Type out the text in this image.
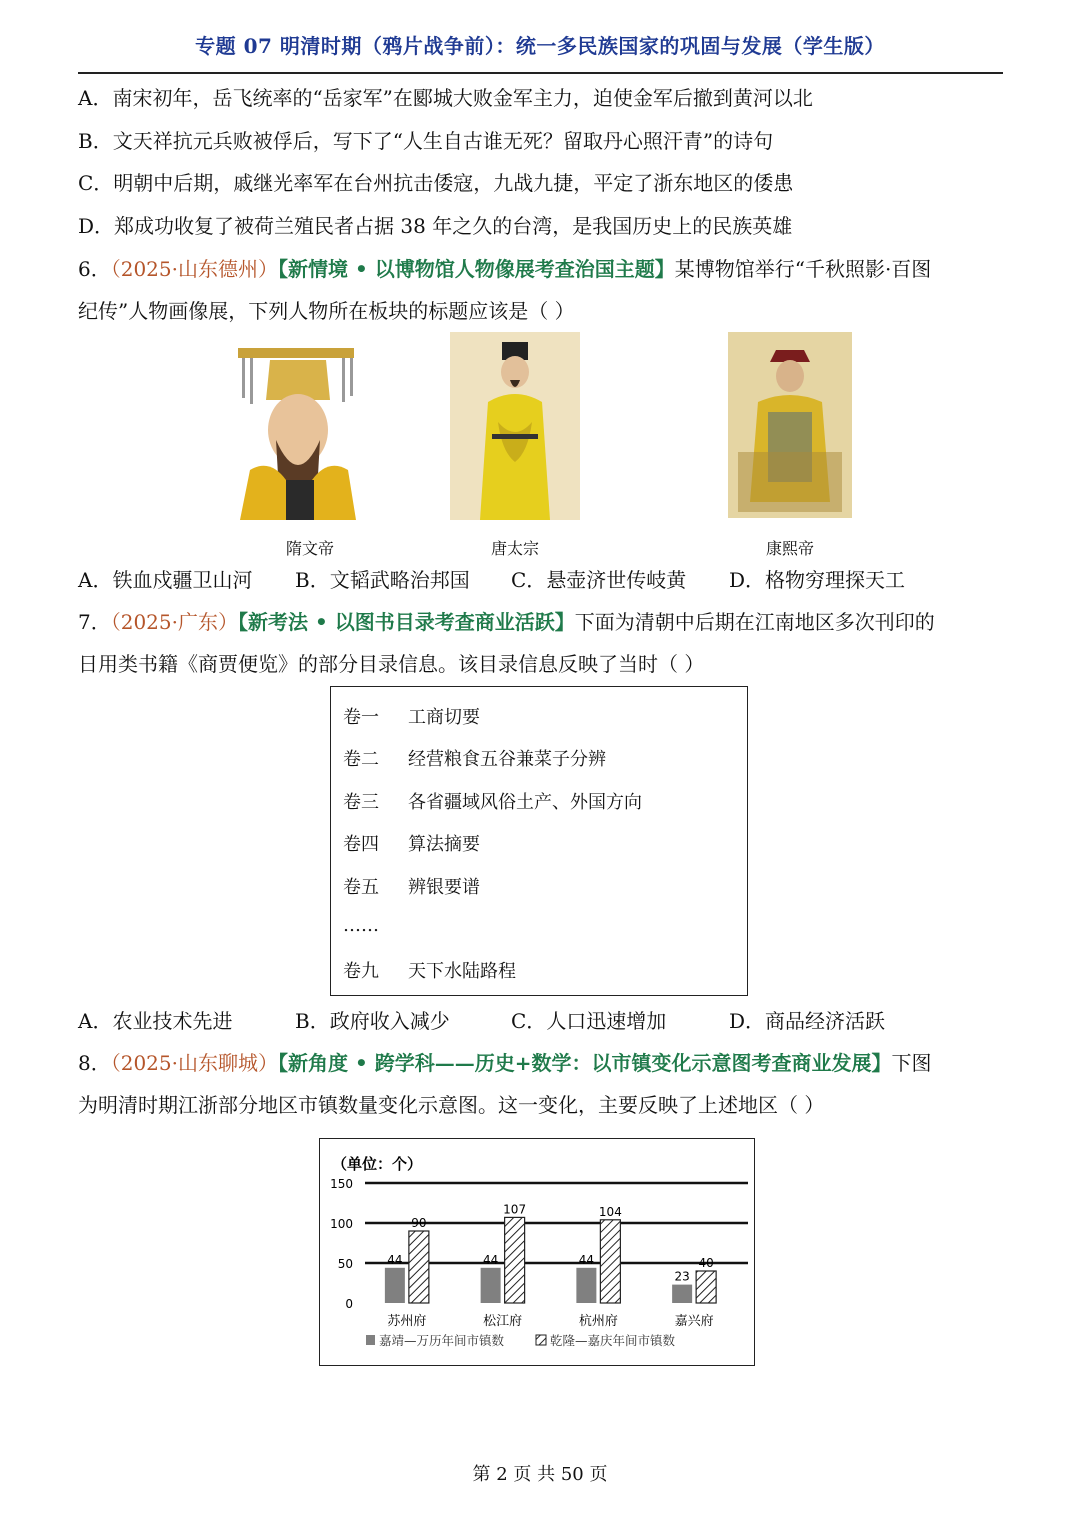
专题 07 明清时期（鸦片战争前）：统一多民族国家的巩固与发展（学生版）
A．南宋初年，岳飞统率的“岳家军”在郾城大败金军主力，迫使金军后撤到黄河以北
B．文天祥抗元兵败被俘后，写下了“人生自古谁无死？留取丹心照汗青”的诗句
C．明朝中后期，戚继光率军在台州抗击倭寇，九战九捷，平定了浙东地区的倭患
D．郑成功收复了被荷兰殖民者占据 38 年之久的台湾，是我国历史上的民族英雄
6．（2025·山东德州）【新情境 • 以博物馆人物像展考查治国主题】某博物馆举行“千秋照影·百图
纪传”人物画像展，下列人物所在板块的标题应该是（ ）
隋文帝	唐太宗	康熙帝
A．铁血戍疆卫山河 B．文韬武略治邦国 C．悬壶济世传岐黄 D．格物穷理探天工
7．（2025·广东）【新考法 • 以图书目录考查商业活跃】下面为清朝中后期在江南地区多次刊印的
日用类书籍《商贾便览》的部分目录信息。该目录信息反映了当时（ ）
卷一 工商切要
卷二 经营粮食五谷兼菜子分辨
卷三 各省疆域风俗土产、外国方向
卷四 算法摘要
卷五 辨银要谱
……
卷九 天下水陆路程
A．农业技术先进	B．政府收入减少	C．人口迅速增加	D．商品经济活跃
8．（2025·山东聊城）【新角度 • 跨学科——历史+数学：以市镇变化示意图考查商业发展】下图
为明清时期江浙部分地区市镇数量变化示意图。这一变化，主要反映了上述地区（ ）
（单位：个）
0
50
100
150
44
90
苏州府
44
107
松江府
44
104
杭州府
23
40
嘉兴府
嘉靖—万历年间市镇数	乾隆—嘉庆年间市镇数
第 2 页 共 50 页
